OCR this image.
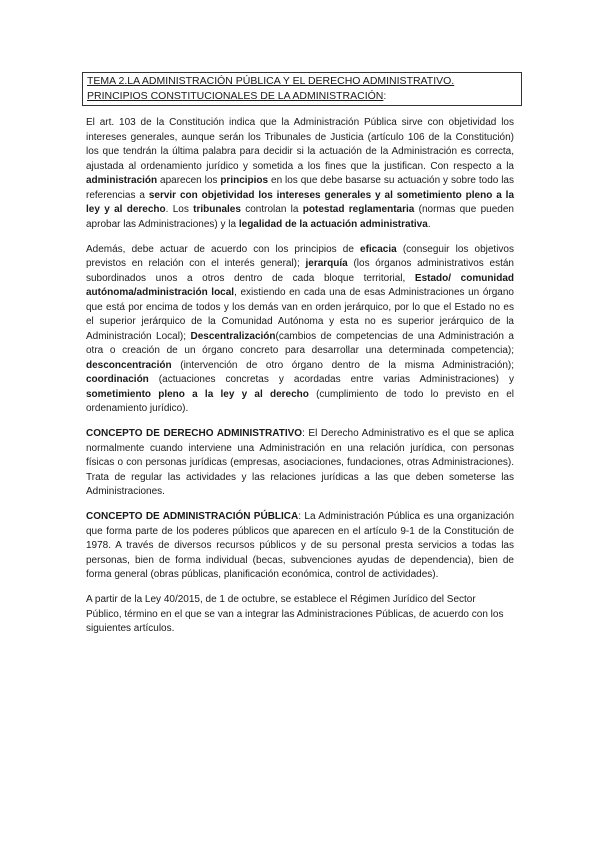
TEMA 2.LA ADMINISTRACIÓN PÚBLICA Y EL DERECHO ADMINISTRATIVO. PRINCIPIOS CONSTITUCIONALES DE LA ADMINISTRACIÓN:

El art. 103 de la Constitución indica que la Administración Pública sirve con objetividad los intereses generales, aunque serán los Tribunales de Justicia (artículo 106 de la Constitución) los que tendrán la última palabra para decidir si la actuación de la Administración es correcta, ajustada al ordenamiento jurídico y sometida a los fines que la justifican. Con respecto a la administración aparecen los principios en los que debe basarse su actuación y sobre todo las referencias a servir con objetividad los intereses generales y al sometimiento pleno a la ley y al derecho. Los tribunales controlan la potestad reglamentaria (normas que pueden aprobar las Administraciones) y la legalidad de la actuación administrativa.

Además, debe actuar de acuerdo con los principios de eficacia (conseguir los objetivos previstos en relación con el interés general); jerarquía (los órganos administrativos están subordinados unos a otros dentro de cada bloque territorial, Estado/ comunidad autónoma/administración local, existiendo en cada una de esas Administraciones un órgano que está por encima de todos y los demás van en orden jerárquico, por lo que el Estado no es el superior jerárquico de la Comunidad Autónoma y esta no es superior jerárquico de la Administración Local); Descentralización(cambios de competencias de una Administración a otra o creación de un órgano concreto para desarrollar una determinada competencia); desconcentración (intervención de otro órgano dentro de la misma Administración); coordinación (actuaciones concretas y acordadas entre varias Administraciones) y sometimiento pleno a la ley y al derecho (cumplimiento de todo lo previsto en el ordenamiento jurídico).

CONCEPTO DE DERECHO ADMINISTRATIVO: El Derecho Administrativo es el que se aplica normalmente cuando interviene una Administración en una relación jurídica, con personas físicas o con personas jurídicas (empresas, asociaciones, fundaciones, otras Administraciones). Trata de regular las actividades y las relaciones jurídicas a las que deben someterse las Administraciones.

CONCEPTO DE ADMINISTRACIÓN PÚBLICA: La Administración Pública es una organización que forma parte de los poderes públicos que aparecen en el artículo 9-1 de la Constitución de 1978. A través de diversos recursos públicos y de su personal presta servicios a todas las personas, bien de forma individual (becas, subvenciones ayudas de dependencia), bien de forma general (obras públicas, planificación económica, control de actividades).

A partir de la Ley 40/2015, de 1 de octubre, se establece el Régimen Jurídico del Sector Público, término en el que se van a integrar las Administraciones Públicas, de acuerdo con los siguientes artículos.
